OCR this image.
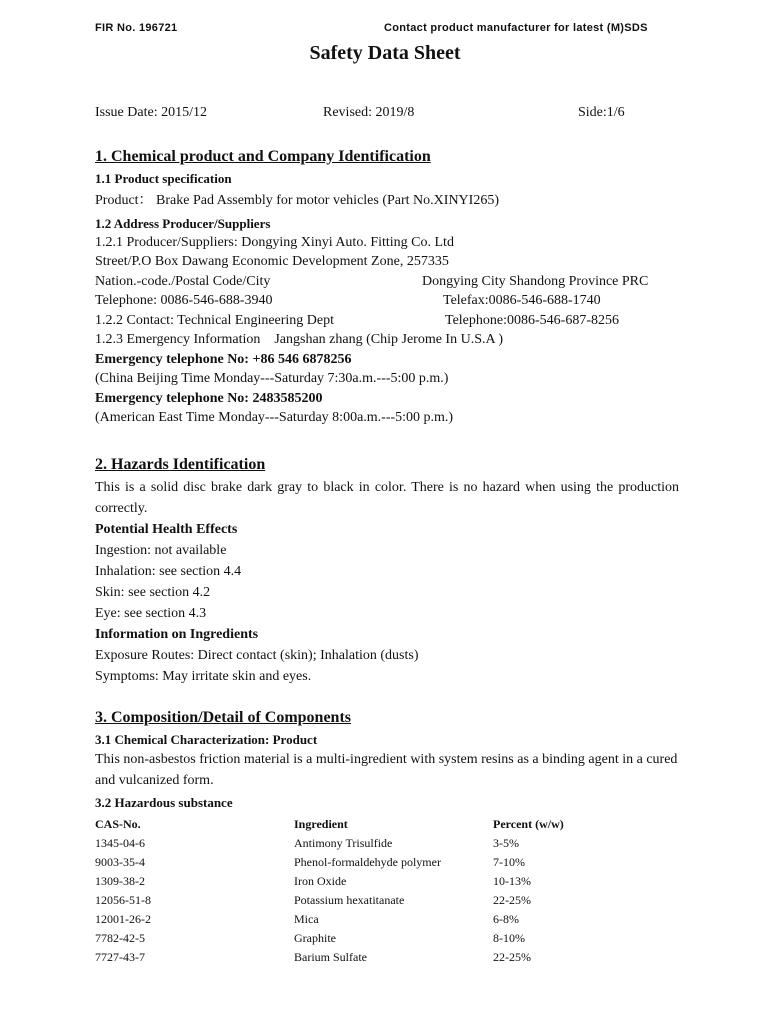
FIR No. 196721	Contact product manufacturer for latest (M)SDS
Safety Data Sheet
Issue Date: 2015/12	Revised: 2019/8	Side:1/6

1. Chemical product and Company Identification

1.1 Product specification

Product： Brake Pad Assembly for motor vehicles (Part No.XINYI265)

1.2 Address Producer/Suppliers

1.2.1 Producer/Suppliers: Dongying Xinyi Auto. Fitting Co. Ltd

Street/P.O Box Dawang Economic Development Zone, 257335

Nation.-code./Postal Code/City	Dongying City Shandong Province PRC

Telephone: 0086-546-688-3940	Telefax:0086-546-688-1740

1.2.2 Contact: Technical Engineering Dept	Telephone:0086-546-687-8256

1.2.3 Emergency Information    Jangshan zhang (Chip Jerome In U.S.A )

Emergency telephone No: +86 546 6878256

(China Beijing Time Monday---Saturday 7:30a.m.---5:00 p.m.)

Emergency telephone No: 2483585200

(American East Time Monday---Saturday 8:00a.m.---5:00 p.m.)

2. Hazards Identification

This is a solid disc brake dark gray to black in color. There is no hazard when using the production correctly.

Potential Health Effects

Ingestion: not available

Inhalation: see section 4.4

Skin: see section 4.2

Eye: see section 4.3

Information on Ingredients

Exposure Routes: Direct contact (skin); Inhalation (dusts)

Symptoms: May irritate skin and eyes.

3. Composition/Detail of Components

3.1 Chemical Characterization: Product

This non-asbestos friction material is a multi-ingredient with system resins as a binding agent in a cured and vulcanized form.

3.2 Hazardous substance

CAS-No.	Ingredient	Percent (w/w)
1345-04-6	Antimony Trisulfide	3-5%
9003-35-4	Phenol-formaldehyde polymer	7-10%
1309-38-2	Iron Oxide	10-13%
12056-51-8	Potassium hexatitanate	22-25%
12001-26-2	Mica	6-8%
7782-42-5	Graphite	8-10%
7727-43-7	Barium Sulfate	22-25%
